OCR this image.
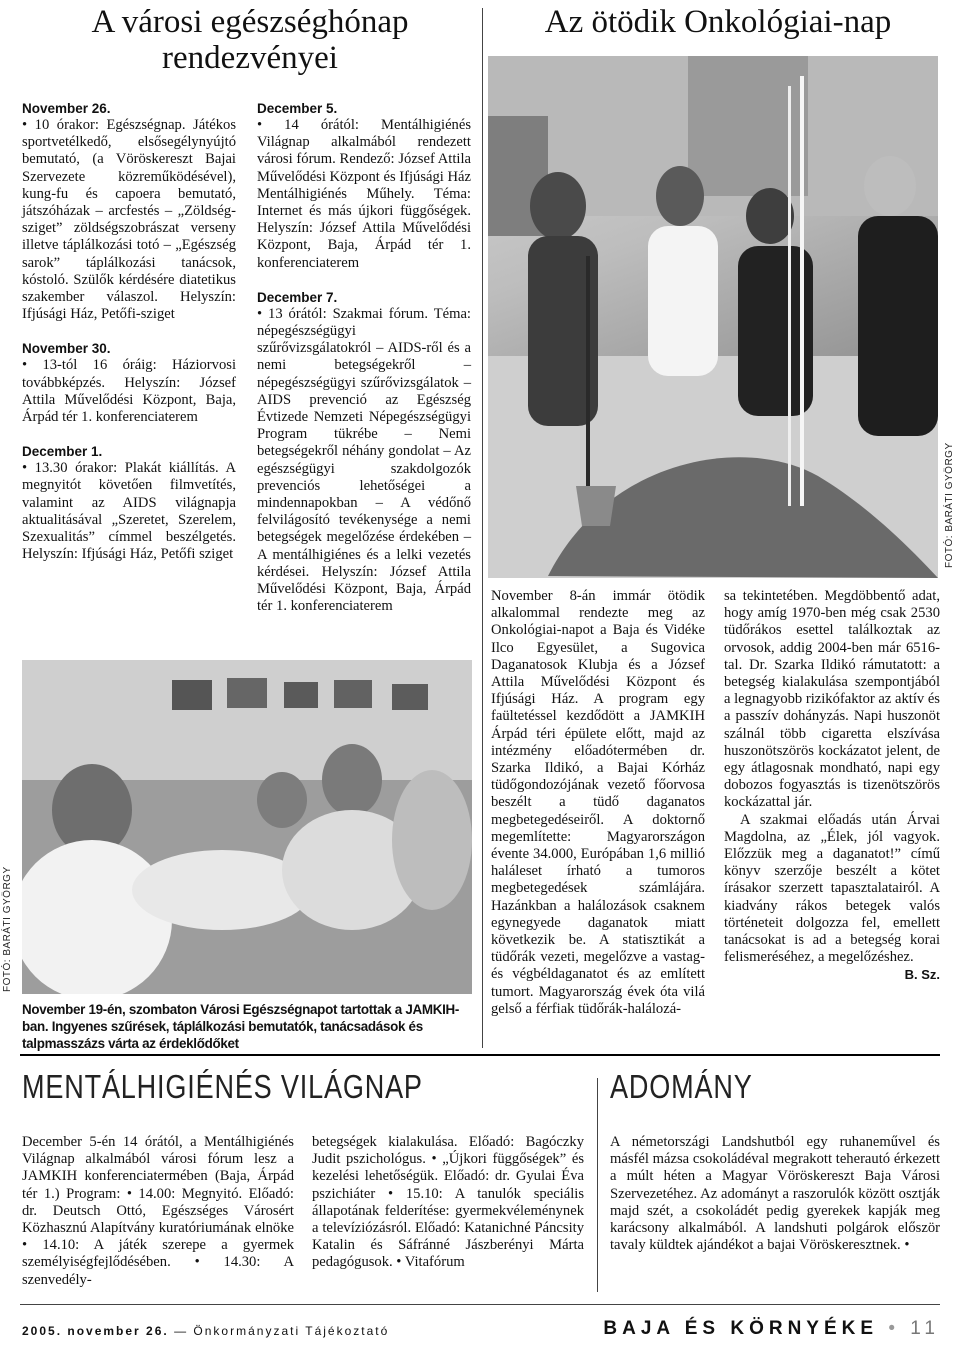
A városi egészséghónap
rendezvényei
November 26.

• 10 órakor: Egészségnap. Játékos sportvetélkedő, elsősegélynyújtó bemutató, (a Vöröskereszt Bajai Szervezete közreműködésével), kung-fu és capoera bemutató, játszóházak – arcfestés – „Zöldség-sziget” zöldségszobrászat verseny illetve táplálkozási totó – „Egészség sarok” táplálkozási tanácsok, kóstoló. Szülők kérdésére diatetikus szakember válaszol. Helyszín: Ifjúsági Ház, Petőfi-sziget

November 30.

• 13-tól 16 óráig: Háziorvosi továbbképzés. Helyszín: József Attila Művelődési Központ, Baja, Árpád tér 1. konferenciaterem

December 1.

• 13.30 órakor: Plakát kiállítás. A megnyitót követően filmvetítés, valamint az AIDS világnapja aktualitásával „Szeretet, Szerelem, Szexualitás” címmel beszélgetés. Helyszín: Ifjúsági Ház, Petőfi sziget

December 5.

• 14 órától: Mentálhigiénés Világnap alkalmából rendezett városi fórum. Rendező: József Attila Művelődési Központ és Ifjúsági Ház Mentálhigiénés Műhely. Téma: Internet és más újkori függőségek. Helyszín: József Attila Művelődési Központ, Baja, Árpád tér 1. konferenciaterem

December 7.

• 13 órától: Szakmai fórum. Téma: népegészségügyi szűrővizsgálatokról – AIDS-ről és a nemi betegségekről – népegészségügyi szűrővizsgálatok – AIDS prevenció az Egészség Évtizede Nemzeti Népegészségügyi Program tükrébe – Nemi betegségekről néhány gondolat – Az egészségügyi szakdolgozók prevenciós lehetőségei a mindennapokban – A védőnő felvilágosító tevékenysége a nemi betegségek megelőzése érdekében – A mentálhigiénes és a lelki vezetés kérdései. Helyszín: József Attila Művelődési Központ, Baja, Árpád tér 1. konferenciaterem

FOTÓ: BARÁTI GYÖRGY
November 19-én, szombaton Városi Egészségnapot tartottak a JAMKIH-ban. Ingyenes szűrések, táplálkozási bemutatók, tanácsadások és talpmasszázs várta az érdeklődőket
Az ötödik Onkológiai-nap
FOTÓ: BARÁTI GYÖRGY

November 8-án immár ötödik alkalommal rendezte meg az Onkológiai-napot a Baja és Vidéke Ilco Egyesület, a Sugovica Daganatosok Klubja és a József Attila Művelődési Központ és Ifjúsági Ház. A program egy faültetéssel kezdődött a JAMKIH Árpád téri épülete előtt, majd az intézmény előadótermében dr. Szarka Ildikó, a Bajai Kórház tüdőgondozójának vezető főorvosa beszélt a tüdő daganatos megbetegedéseiről. A doktornő megemlítette: Magyarországon évente 34.000, Európában 1,6 millió haláleset írható a tumoros megbetegedések számlájára. Hazánkban a halálozások csaknem egynegyede daganatok miatt következik be. A statisztikát a tüdőrák vezeti, megelőzve a vastag- és végbéldaganatot és az említett tumort. Magyarország évek óta vilá gelső a férfiak tüdőrák-halálozá-

sa tekintetében. Megdöbbentő adat, hogy amíg 1970-ben még csak 2530 tüdőrákos esettel találkoztak az orvosok, addig 2004-ben már 6516-tal. Dr. Szarka Ildikó rámutatott: a betegség kialakulása szempontjából a legnagyobb rizikófaktor az aktív és a passzív dohányzás. Napi huszonöt szálnál több cigaretta elszívása huszonötszörös kockázatot jelent, de egy átlagosnak mondható, napi egy dobozos fogyasztás is tizenötszörös kockázattal jár.

A szakmai előadás után Árvai Magdolna, az „Élek, jól vagyok. Előzzük meg a daganatot!” című könyv szerzője beszélt a kötet írásakor szerzett tapasztalatairól. A kiadvány rákos betegek valós történeteit dolgozza fel, emellett tanácsokat is ad a betegség korai felismeréséhez, a megelőzéshez.

B. Sz.
MENTÁLHIGIÉNÉS VILÁGNAP

December 5-én 14 órától, a Mentálhigiénés Világnap alkalmából városi fórum lesz a JAMKIH konferenciatermében (Baja, Árpád tér 1.) Program: • 14.00: Megnyitó. Előadó: dr. Deutsch Ottó, Egészséges Városért Közhasznú Alapítvány kuratóriumának elnöke • 14.10: A játék szerepe a gyermek személyiségfejlődésében. • 14.30: A szenvedély-

betegségek kialakulása. Előadó: Bagóczky Judit pszichológus. • „Újkori függőségek” és kezelési lehetőségük. Előadó: dr. Gyulai Éva pszichiáter • 15.10: A tanulók speciális állapotának felderítése: gyermekvéleménynek a televíziózásról. Előadó: Katanichné Páncsity Katalin és Sáfránné Jászberényi Márta pedagógusok. • Vitafórum

ADOMÁNY

A németországi Landshutból egy ruhaneművel és másfél mázsa csokoládéval megrakott teherautó érkezett a múlt héten a Magyar Vöröskereszt Baja Városi Szervezetéhez. Az adományt a raszorulók között osztják majd szét, a csokoládét pedig gyerekek kapják meg karácsony alkalmából. A landshuti polgárok először tavaly küldtek ajándékot a bajai Vöröskeresztnek. •

2005. november 26. — Önkormányzati Tájékoztató	BAJA ÉS KÖRNYÉKE • 11
